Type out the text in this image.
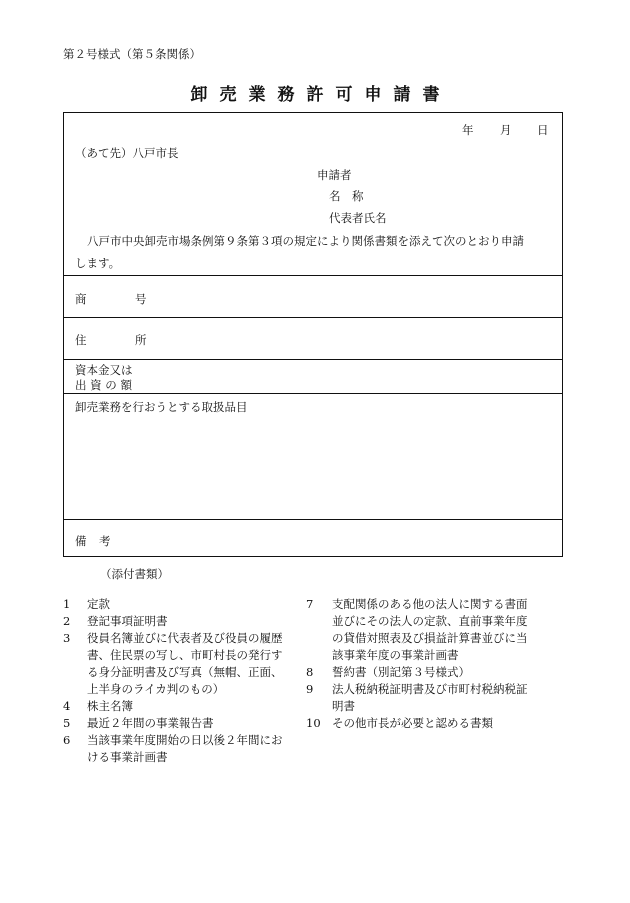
第２号様式（第５条関係）
卸売業務許可申請書
年 月 日
（あて先）八戸市長
申請者
名　称
代表者氏名
八戸市中央卸売市場条例第９条第３項の規定により関係書類を添えて次のとおり申請
します。
商	号
住	所
資本金又は
出 資 の 額
卸売業務を行おうとする取扱品目
備 考
（添付書類）
1	定款
2	登記事項証明書
3	役員名簿並びに代表者及び役員の履歴
書、住民票の写し、市町村長の発行す
る身分証明書及び写真（無帽、正面、
上半身のライカ判のもの）
4	株主名簿
5	最近２年間の事業報告書
6	当該事業年度開始の日以後２年間にお
ける事業計画書
7	支配関係のある他の法人に関する書面
並びにその法人の定款、直前事業年度
の貸借対照表及び損益計算書並びに当
該事業年度の事業計画書
8	誓約書（別記第３号様式）
9	法人税納税証明書及び市町村税納税証
明書
10 その他市長が必要と認める書類
